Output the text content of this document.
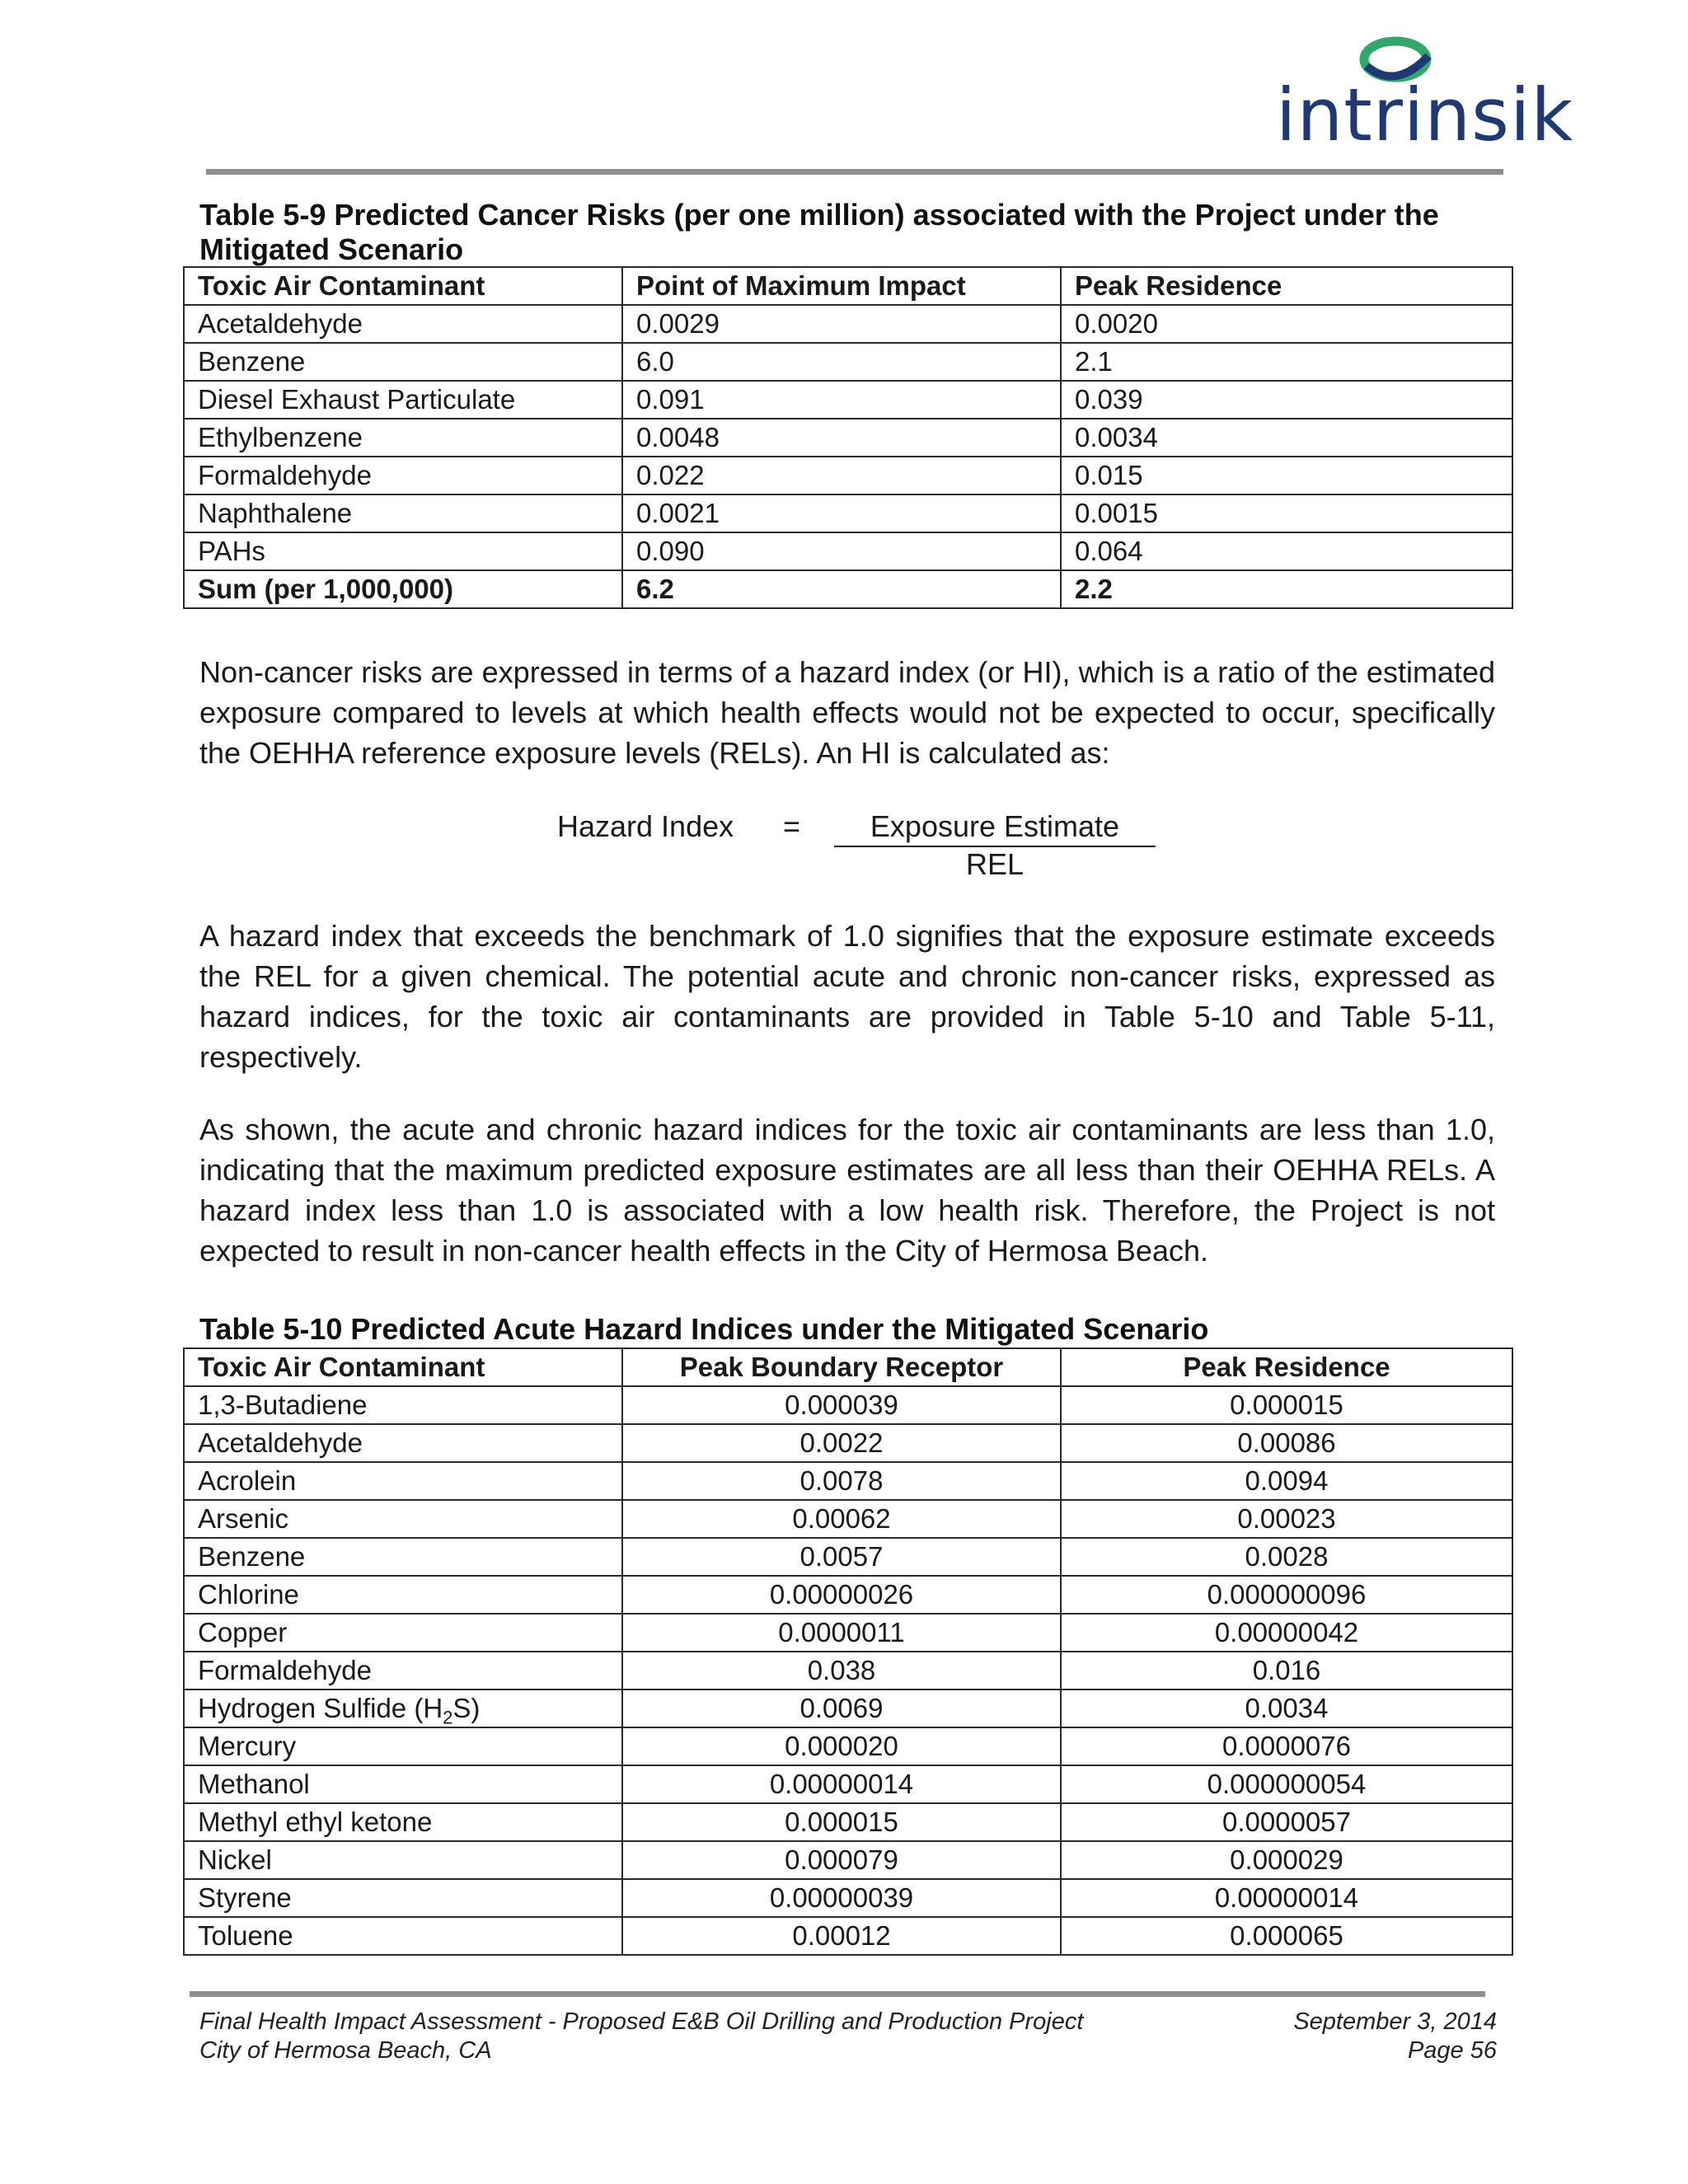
intrinsik
Table 5-9 Predicted Cancer Risks (per one million) associated with the Project under the Mitigated Scenario
Toxic Air Contaminant	Point of Maximum Impact	Peak Residence
Acetaldehyde	0.0029	0.0020
Benzene	6.0	2.1
Diesel Exhaust Particulate	0.091	0.039
Ethylbenzene	0.0048	0.0034
Formaldehyde	0.022	0.015
Naphthalene	0.0021	0.0015
PAHs	0.090	0.064
Sum (per 1,000,000)	6.2	2.2

Non-cancer risks are expressed in terms of a hazard index (or HI), which is a ratio of the estimated exposure compared to levels at which health effects would not be expected to occur, specifically the OEHHA reference exposure levels (RELs). An HI is calculated as:

Hazard Index =	Exposure Estimate
REL

A hazard index that exceeds the benchmark of 1.0 signifies that the exposure estimate exceeds the REL for a given chemical. The potential acute and chronic non-cancer risks, expressed as hazard indices, for the toxic air contaminants are provided in Table 5-10 and Table 5-11, respectively.

As shown, the acute and chronic hazard indices for the toxic air contaminants are less than 1.0, indicating that the maximum predicted exposure estimates are all less than their OEHHA RELs. A hazard index less than 1.0 is associated with a low health risk. Therefore, the Project is not expected to result in non-cancer health effects in the City of Hermosa Beach.

Table 5-10 Predicted Acute Hazard Indices under the Mitigated Scenario
Toxic Air Contaminant	Peak Boundary Receptor	Peak Residence
1,3-Butadiene	0.000039	0.000015
Acetaldehyde	0.0022	0.00086
Acrolein	0.0078	0.0094
Arsenic	0.00062	0.00023
Benzene	0.0057	0.0028
Chlorine	0.00000026	0.000000096
Copper	0.0000011	0.00000042
Formaldehyde	0.038	0.016
Hydrogen Sulfide $(H_2S)$	0.0069	0.0034
Mercury	0.000020	0.0000076
Methanol	0.00000014	0.000000054
Methyl ethyl ketone	0.000015	0.0000057
Nickel	0.000079	0.000029
Styrene	0.00000039	0.00000014
Toluene	0.00012	0.000065
Final Health Impact Assessment - Proposed E&B Oil Drilling and Production Project
City of Hermosa Beach, CA
September 3, 2014
Page 56
